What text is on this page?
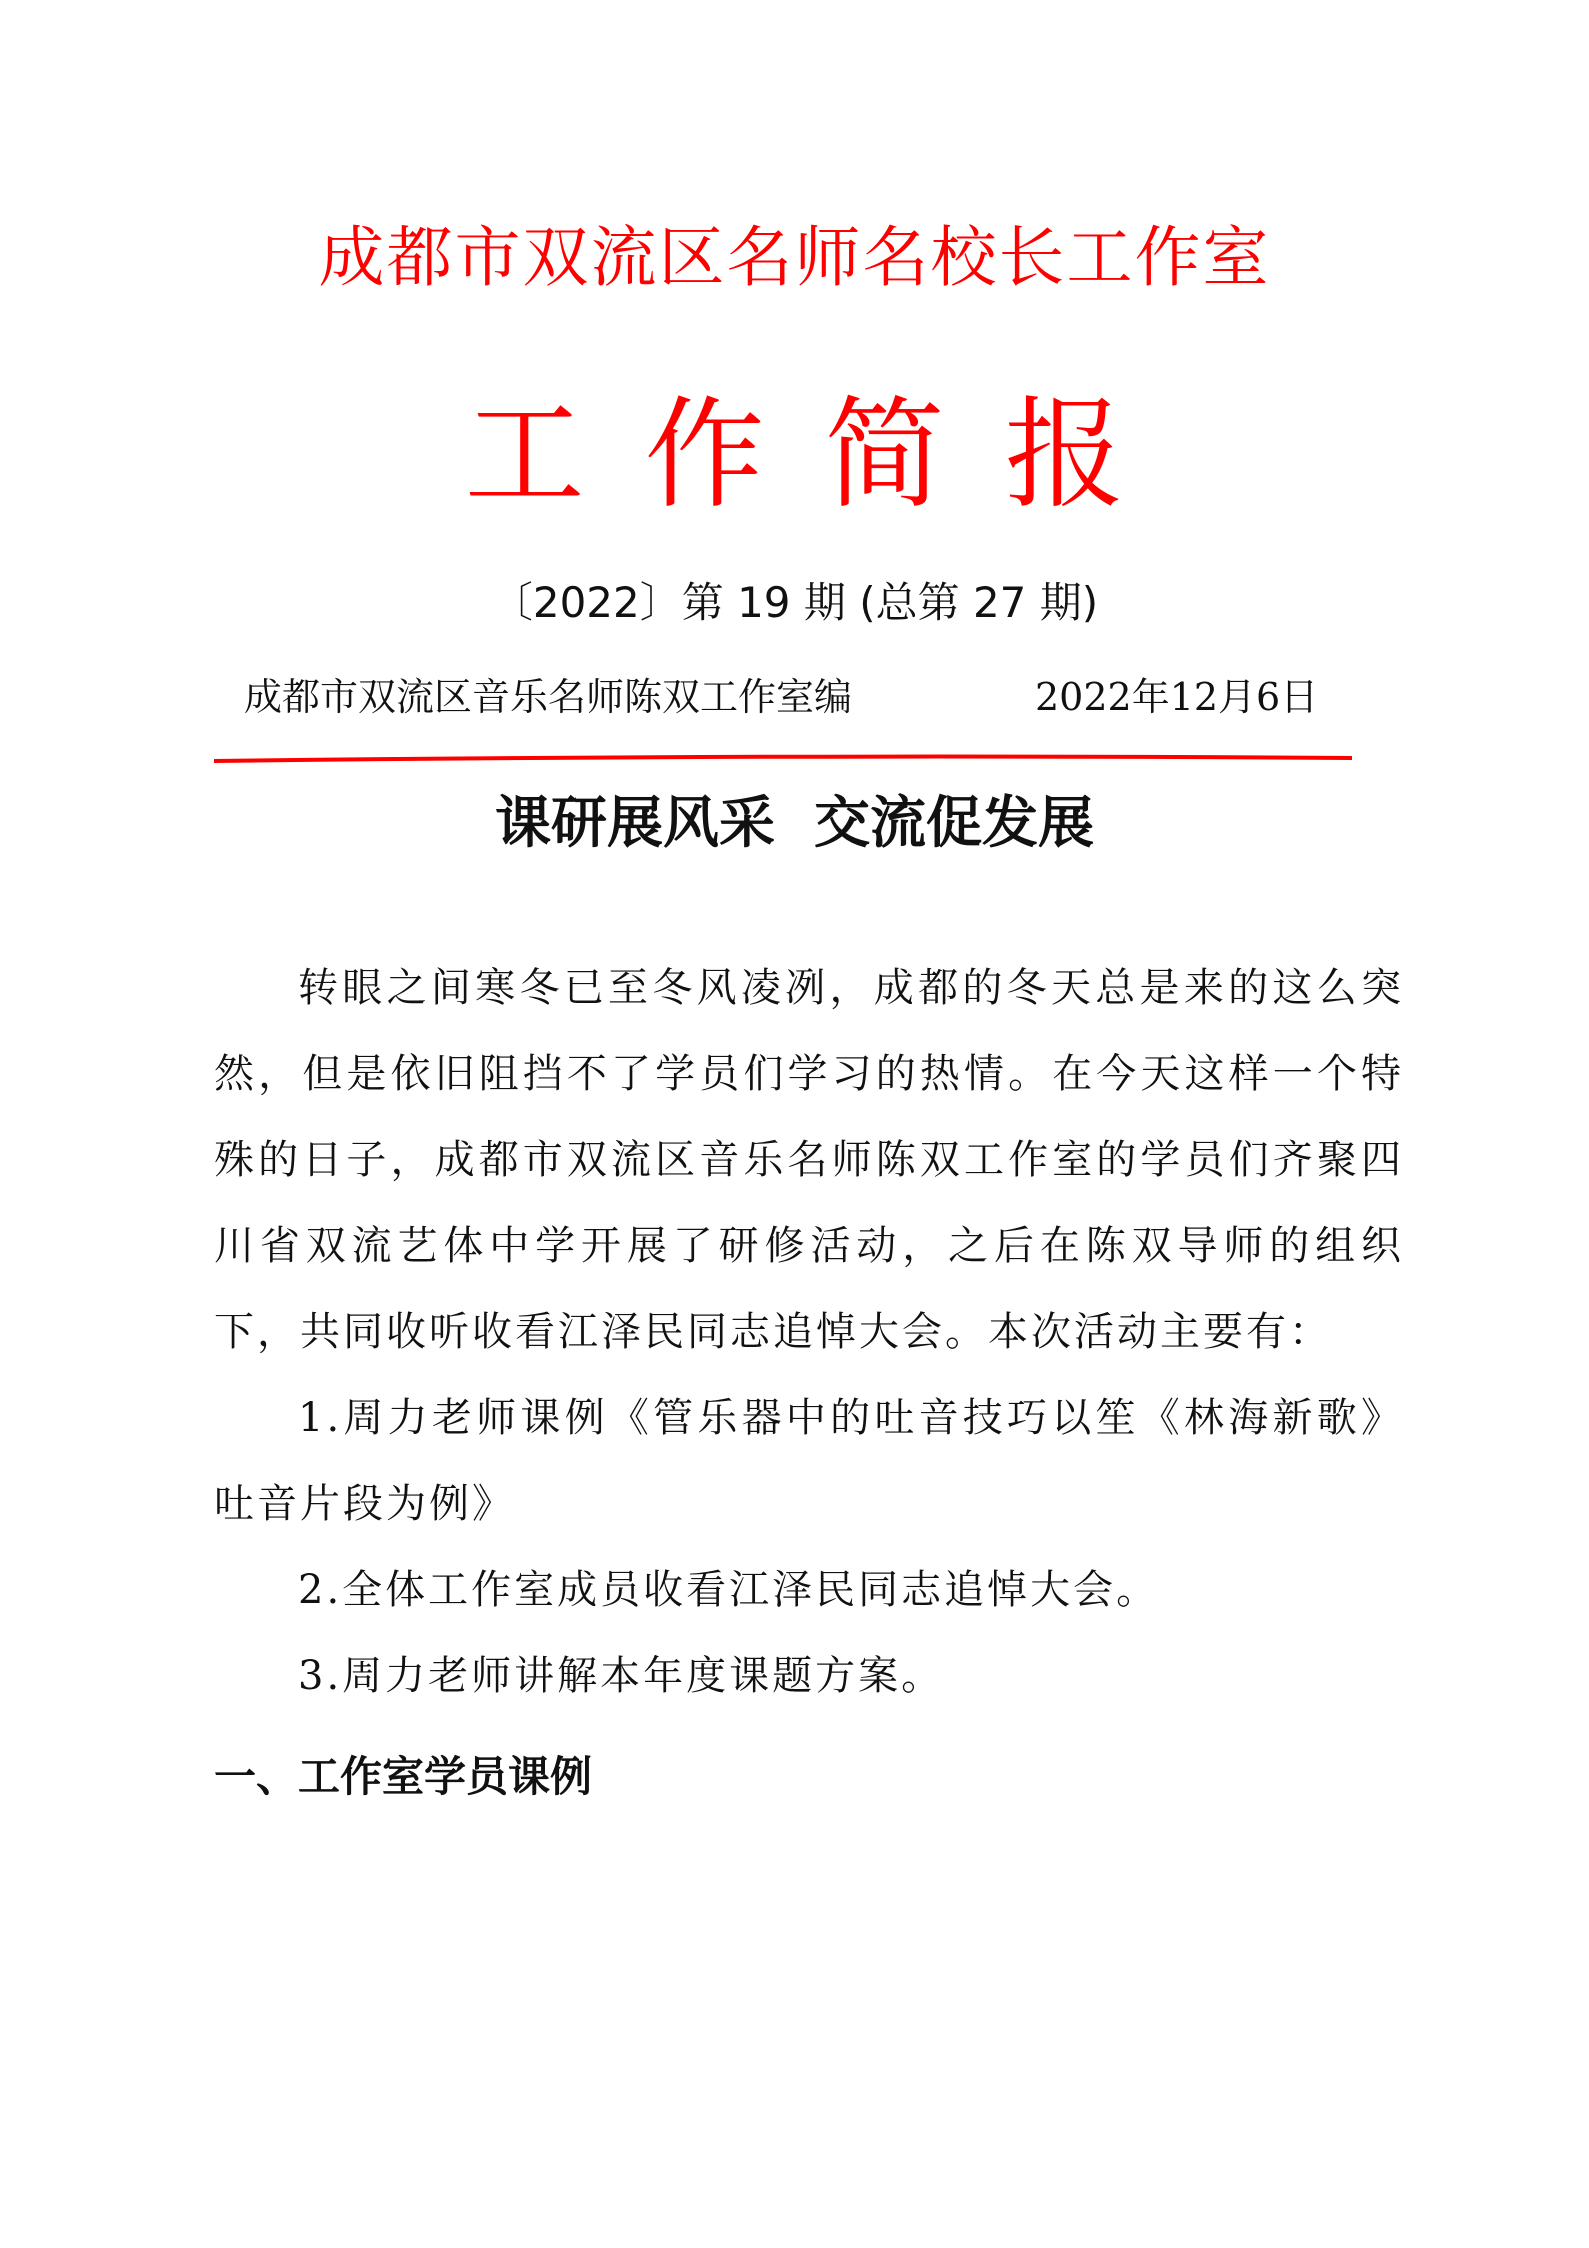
成都市双流区名师名校长工作室
工作简报
〔2022〕第 19 期 (总第 27 期)
成都市双流区音乐名师陈双工作室编	2022年12月6日
课研展风采  交流促发展

转眼之间寒冬已至冬风凌冽，成都的冬天总是来的这么突然，但是依旧阻挡不了学员们学习的热情。在今天这样一个特殊的日子，成都市双流区音乐名师陈双工作室的学员们齐聚四川省双流艺体中学开展了研修活动，之后在陈双导师的组织下，共同收听收看江泽民同志追悼大会。本次活动主要有：

1.周力老师课例《管乐器中的吐音技巧以笙《林海新歌》吐音片段为例》

2.全体工作室成员收看江泽民同志追悼大会。

3.周力老师讲解本年度课题方案。

一、工作室学员课例
